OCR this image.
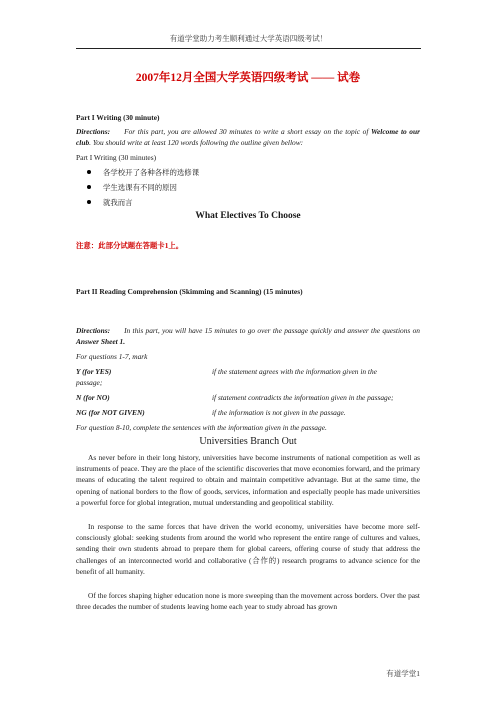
有道学堂助力考生顺利通过大学英语四级考试！
2007年12月全国大学英语四级考试 —— 试卷
Part I Writing (30 minute)
Directions: For this part, you are allowed 30 minutes to write a short essay on the topic of Welcome to our club. You should write at least 120 words following the outline given bellow:
Part I Writing (30 minutes)
各学校开了各种各样的选修课
学生选课有不同的原因
就我而言
What Electives To Choose
注意：此部分试题在答题卡1上。
Part II Reading Comprehension (Skimming and Scanning) (15 minutes)
Directions: In this part, you will have 15 minutes to go over the passage quickly and answer the questions on Answer Sheet 1.
For questions 1-7, mark
Y (for YES)	if the statement agrees with the information given in the
passage;
N (for NO)	if statement contradicts the information given in the passage;
NG (for NOT GIVEN)	if the information is not given in the passage.
For question 8-10, complete the sentences with the information given in the passage.
Universities Branch Out
As never before in their long history, universities have become instruments of national competition as well as instruments of peace. They are the place of the scientific discoveries that move economies forward, and the primary means of educating the talent required to obtain and maintain competitive advantage. But at the same time, the opening of national borders to the flow of goods, services, information and especially people has made universities a powerful force for global integration, mutual understanding and geopolitical stability.
In response to the same forces that have driven the world economy, universities have become more self-consciously global: seeking students from around the world who represent the entire range of cultures and values, sending their own students abroad to prepare them for global careers, offering course of study that address the challenges of an interconnected world and collaborative (合作的) research programs to advance science for the benefit of all humanity.
Of the forces shaping higher education none is more sweeping than the movement across borders. Over the past three decades the number of students leaving home each year to study abroad has grown
有道学堂1
